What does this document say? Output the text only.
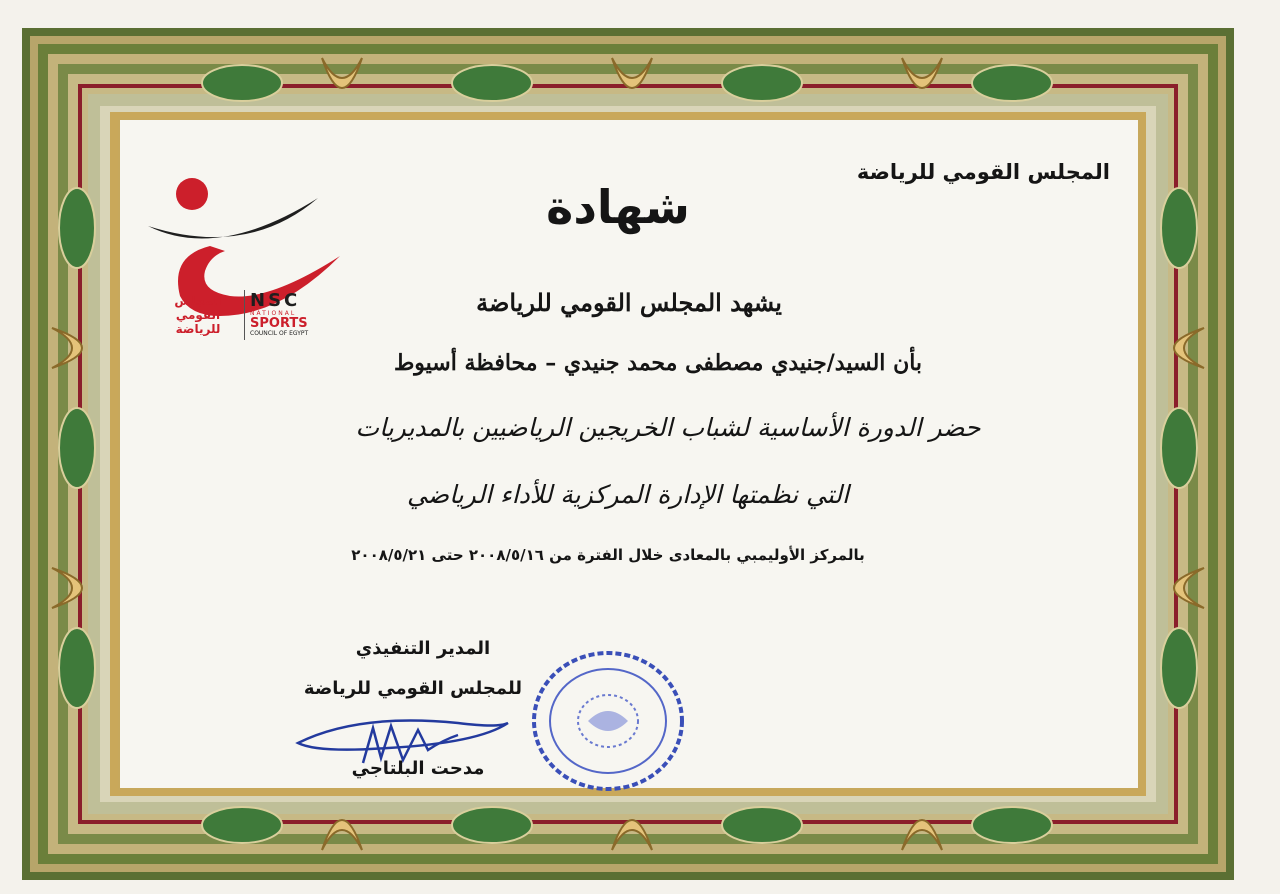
المجلس القومي للرياضة
NSC
NATIONAL
SPORTS
COUNCIL OF EGYPT
المجلس القومي للرياضة
شهادة
يشهد المجلس القومي للرياضة
بأن السيد/جنيدي مصطفى محمد جنيدي – محافظة أسيوط
حضر الدورة الأساسية لشباب الخريجين الرياضيين بالمديريات
التي نظمتها الإدارة المركزية للأداء الرياضي
بالمركز الأوليمبي بالمعادى خلال الفترة من ٢٠٠٨/٥/١٦ حتى ٢٠٠٨/٥/٢١
المدير التنفيذي
للمجلس القومي للرياضة
مدحت البلتاجي
